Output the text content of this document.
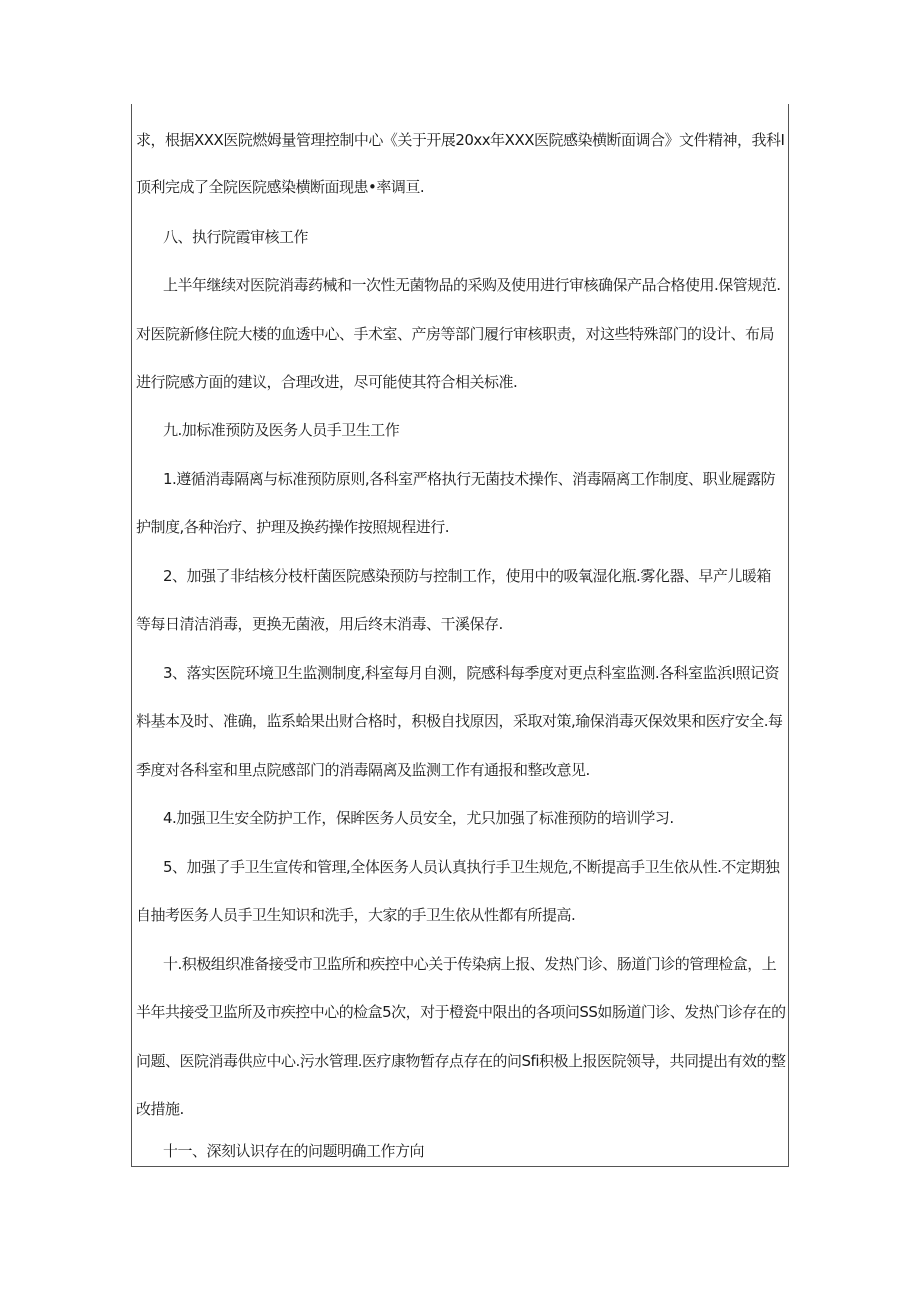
求，根据XXX医院燃姆量管理控制中心《关于开展20xx年XXX医院感染横断面调合》文件精神，我科I
顶利完成了全院医院感染横断面现患•率调亘.
八、执行院霞审核工作
上半年继续对医院消毒药械和一次性无菌物品的采购及使用进行审核确保产品合格使用.保管规范.
对医院新修住院大楼的血透中心、手术室、产房等部门履行审核职责，对这些特殊部门的设计、布局
进行院感方面的建议，合理改进，尽可能使其符合相关标准.
九.加标准预防及医务人员手卫生工作
1.遵循消毒隔离与标准预防原则,各科室严格执行无菌技术操作、消毒隔离工作制度、职业屣露防
护制度,各种治疗、护理及换药操作按照规程进行.
2、加强了非结核分枝杆菌医院感染预防与控制工作，使用中的吸氧湿化瓶.雾化器、早产儿暖箱
等每日清洁消毒，更换无菌液，用后终末消毒、干溪保存.
3、落实医院环境卫生监测制度,科室每月自测，院感科每季度对更点科室监测.各科室监浜I照记资
料基本及时、准确，监系蛤果出财合格时，积极自找原因，采取对策,瑜保消毒灭保效果和医疗安全.每
季度对各科室和里点院感部门的消毒隔离及监测工作有通报和整改意见.
4.加强卫生安全防护工作，保眸医务人员安全，尤只加强了标准预防的培训学习.
5、加强了手卫生宣传和管理,全体医务人员认真执行手卫生规危,不断提高手卫生依从性.不定期独
自抽考医务人员手卫生知识和洗手，大家的手卫生依从性都有所提高.
十.积极组织准备接受市卫监所和疾控中心关于传染病上报、发热门诊、肠道门诊的管理检盒，上
半年共接受卫监所及市疾控中心的检盒5次，对于橙瓷中限出的各项问SS如肠道门诊、发热门诊存在的
问题、医院消毒供应中心.污水管理.医疗康物暂存点存在的问Sfi积极上报医院领导，共同提出有效的整
改措施.
十一、深刻认识存在的问题明确工作方向
